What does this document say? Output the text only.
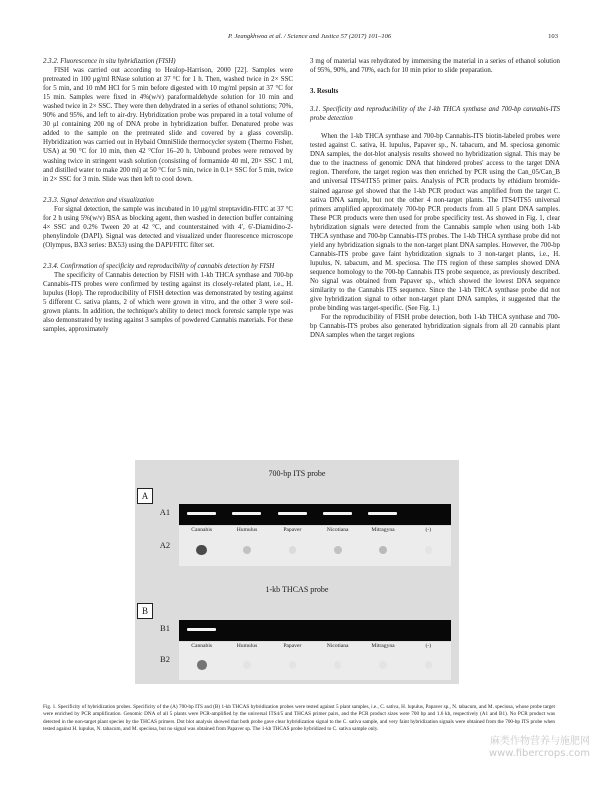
P. Jeangkhwoa et al. / Science and Justice 57 (2017) 101–106	103
2.3.2. Fluorescence in situ hybridization (FISH)

FISH was carried out according to Healop-Harrison, 2000 [22]. Samples were pretreated in 100 μg/ml RNase solution at 37 °C for 1 h. Then, washed twice in 2× SSC for 5 min, and 10 mM HCl for 5 min before digested with 10 mg/ml pepsin at 37 °C for 15 min. Samples were fixed in 4%(w/v) paraformaldehyde solution for 10 min and washed twice in 2× SSC. They were then dehydrated in a series of ethanol solutions; 70%, 90% and 95%, and left to air-dry. Hybridization probe was prepared in a total volume of 30 μl containing 200 ng of DNA probe in hybridization buffer. Denatured probe was added to the sample on the pretreated slide and covered by a glass coverslip. Hybridization was carried out in Hybaid OmniSlide thermocycler system (Thermo Fisher, USA) at 90 °C for 10 min, then 42 °Cfor 16–20 h. Unbound probes were removed by washing twice in stringent wash solution (consisting of formamide 40 ml, 20× SSC 1 ml, and distilled water to make 200 ml) at 50 °C for 5 min, twice in 0.1× SSC for 5 min, twice in 2× SSC for 3 min. Slide was then left to cool down.

2.3.3. Signal detection and visualization

For signal detection, the sample was incubated in 10 μg/ml streptavidin-FITC at 37 °C for 2 h using 5%(w/v) BSA as blocking agent, then washed in detection buffer containing 4× SSC and 0.2% Tween 20 at 42 °C, and counterstained with 4′, 6′-Diamidino-2-phenylindole (DAPI). Signal was detected and visualized under fluorescence microscope (Olympus, BX3 series: BX53) using the DAPI/FITC filter set.

2.3.4. Confirmation of specificity and reproducibility of cannabis detection by FISH

The specificity of Cannabis detection by FISH with 1-kb THCA synthase and 700-bp Cannabis-ITS probes were confirmed by testing against its closely-related plant, i.e., H. lupulus (Hop). The reproducibility of FISH detection was demonstrated by testing against 5 different C. sativa plants, 2 of which were grown in vitro, and the other 3 were soil-grown plants. In addition, the technique's ability to detect mock forensic sample type was also demonstrated by testing against 3 samples of powdered Cannabis materials. For these samples, approximately

3 mg of material was rehydrated by immersing the material in a series of ethanol solution of 95%, 90%, and 70%, each for 10 min prior to slide preparation.

3. Results
3.1. Specificity and reproducibility of the 1-kb THCA synthase and 700-bp cannabis-ITS probe detection

When the 1-kb THCA synthase and 700-bp Cannabis-ITS biotin-labeled probes were tested against C. sativa, H. lupulus, Papaver sp., N. tabacum, and M. speciosa genomic DNA samples, the dot-blot analysis results showed no hybridization signal. This may be due to the inactness of genomic DNA that hindered probes' access to the target DNA region. Therefore, the target region was then enriched by PCR using the Can_05/Can_B and universal ITS4/ITS5 primer pairs. Analysis of PCR products by ethidium bromide-stained agarose gel showed that the 1-kb PCR product was amplified from the target C. sativa DNA sample, but not the other 4 non-target plants. The ITS4/ITS5 universal primers amplified approximately 700-bp PCR products from all 5 plant DNA samples. These PCR products were then used for probe specificity test. As showed in Fig. 1, clear hybridization signals were detected from the Cannabis sample when using both 1-kb THCA synthase and 700-bp Cannabis-ITS probes. The 1-kb THCA synthase probe did not yield any hybridization signals to the non-target plant DNA samples. However, the 700-bp Cannabis-ITS probe gave faint hybridization signals to 3 non-target plants, i.e., H. lupulus, N. tabacum, and M. speciosa. The ITS region of these samples showed DNA sequence homology to the 700-bp Cannabis ITS probe sequence, as previously described. No signal was obtained from Papaver sp., which showed the lowest DNA sequence similarity to the Cannabis ITS sequence. Since the 1-kb THCA synthase probe did not give hybridization signal to other non-target plant DNA samples, it suggested that the probe binding was target-specific. (See Fig. 1.)

For the reproducibility of FISH probe detection, both 1-kb THCA synthase and 700-bp Cannabis-ITS probes also generated hybridization signals from all 20 cannabis plant DNA samples when the target regions

700-bp ITS probe
A
A1
A2
Cannabis	Humulus	Papaver	Nicotiana	Mitragyna	(-)
1-kb THCAS probe
B
B1
B2
Cannabis	Humulus	Papaver	Nicotiana	Mitragyna	(-)
Fig. 1. Specificity of hybridization probes. Specificity of the (A) 700-bp ITS and (B) 1-kb THCAS hybridization probes were tested against 5 plant samples, i.e., C. sativa, H. lupulus, Papaver sp., N. tabacum, and M. speciosa, whose probe target were enriched by PCR amplification. Genomic DNA of all 5 plants were PCR-amplified by the universal ITS4/5 and THCAS primer pairs, and the PCR product sizes were 700 bp and 1.6 kb, respectively (A1 and B1). No PCR product was detected in the non-target plant species by the THCAS primers. Dot blot analysis showed that both probe gave clear hybridization signal to the C. sativa sample, and very faint hybridization signals were obtained from the 700-bp ITS probe when tested against H. lupulus, N. tabacum, and M. speciosa, but no signal was obtained from Papaver sp. The 1-kb THCAS probe hybridized to C. sativa sample only.
麻类作物营养与施肥网
www.fibercrops.com
